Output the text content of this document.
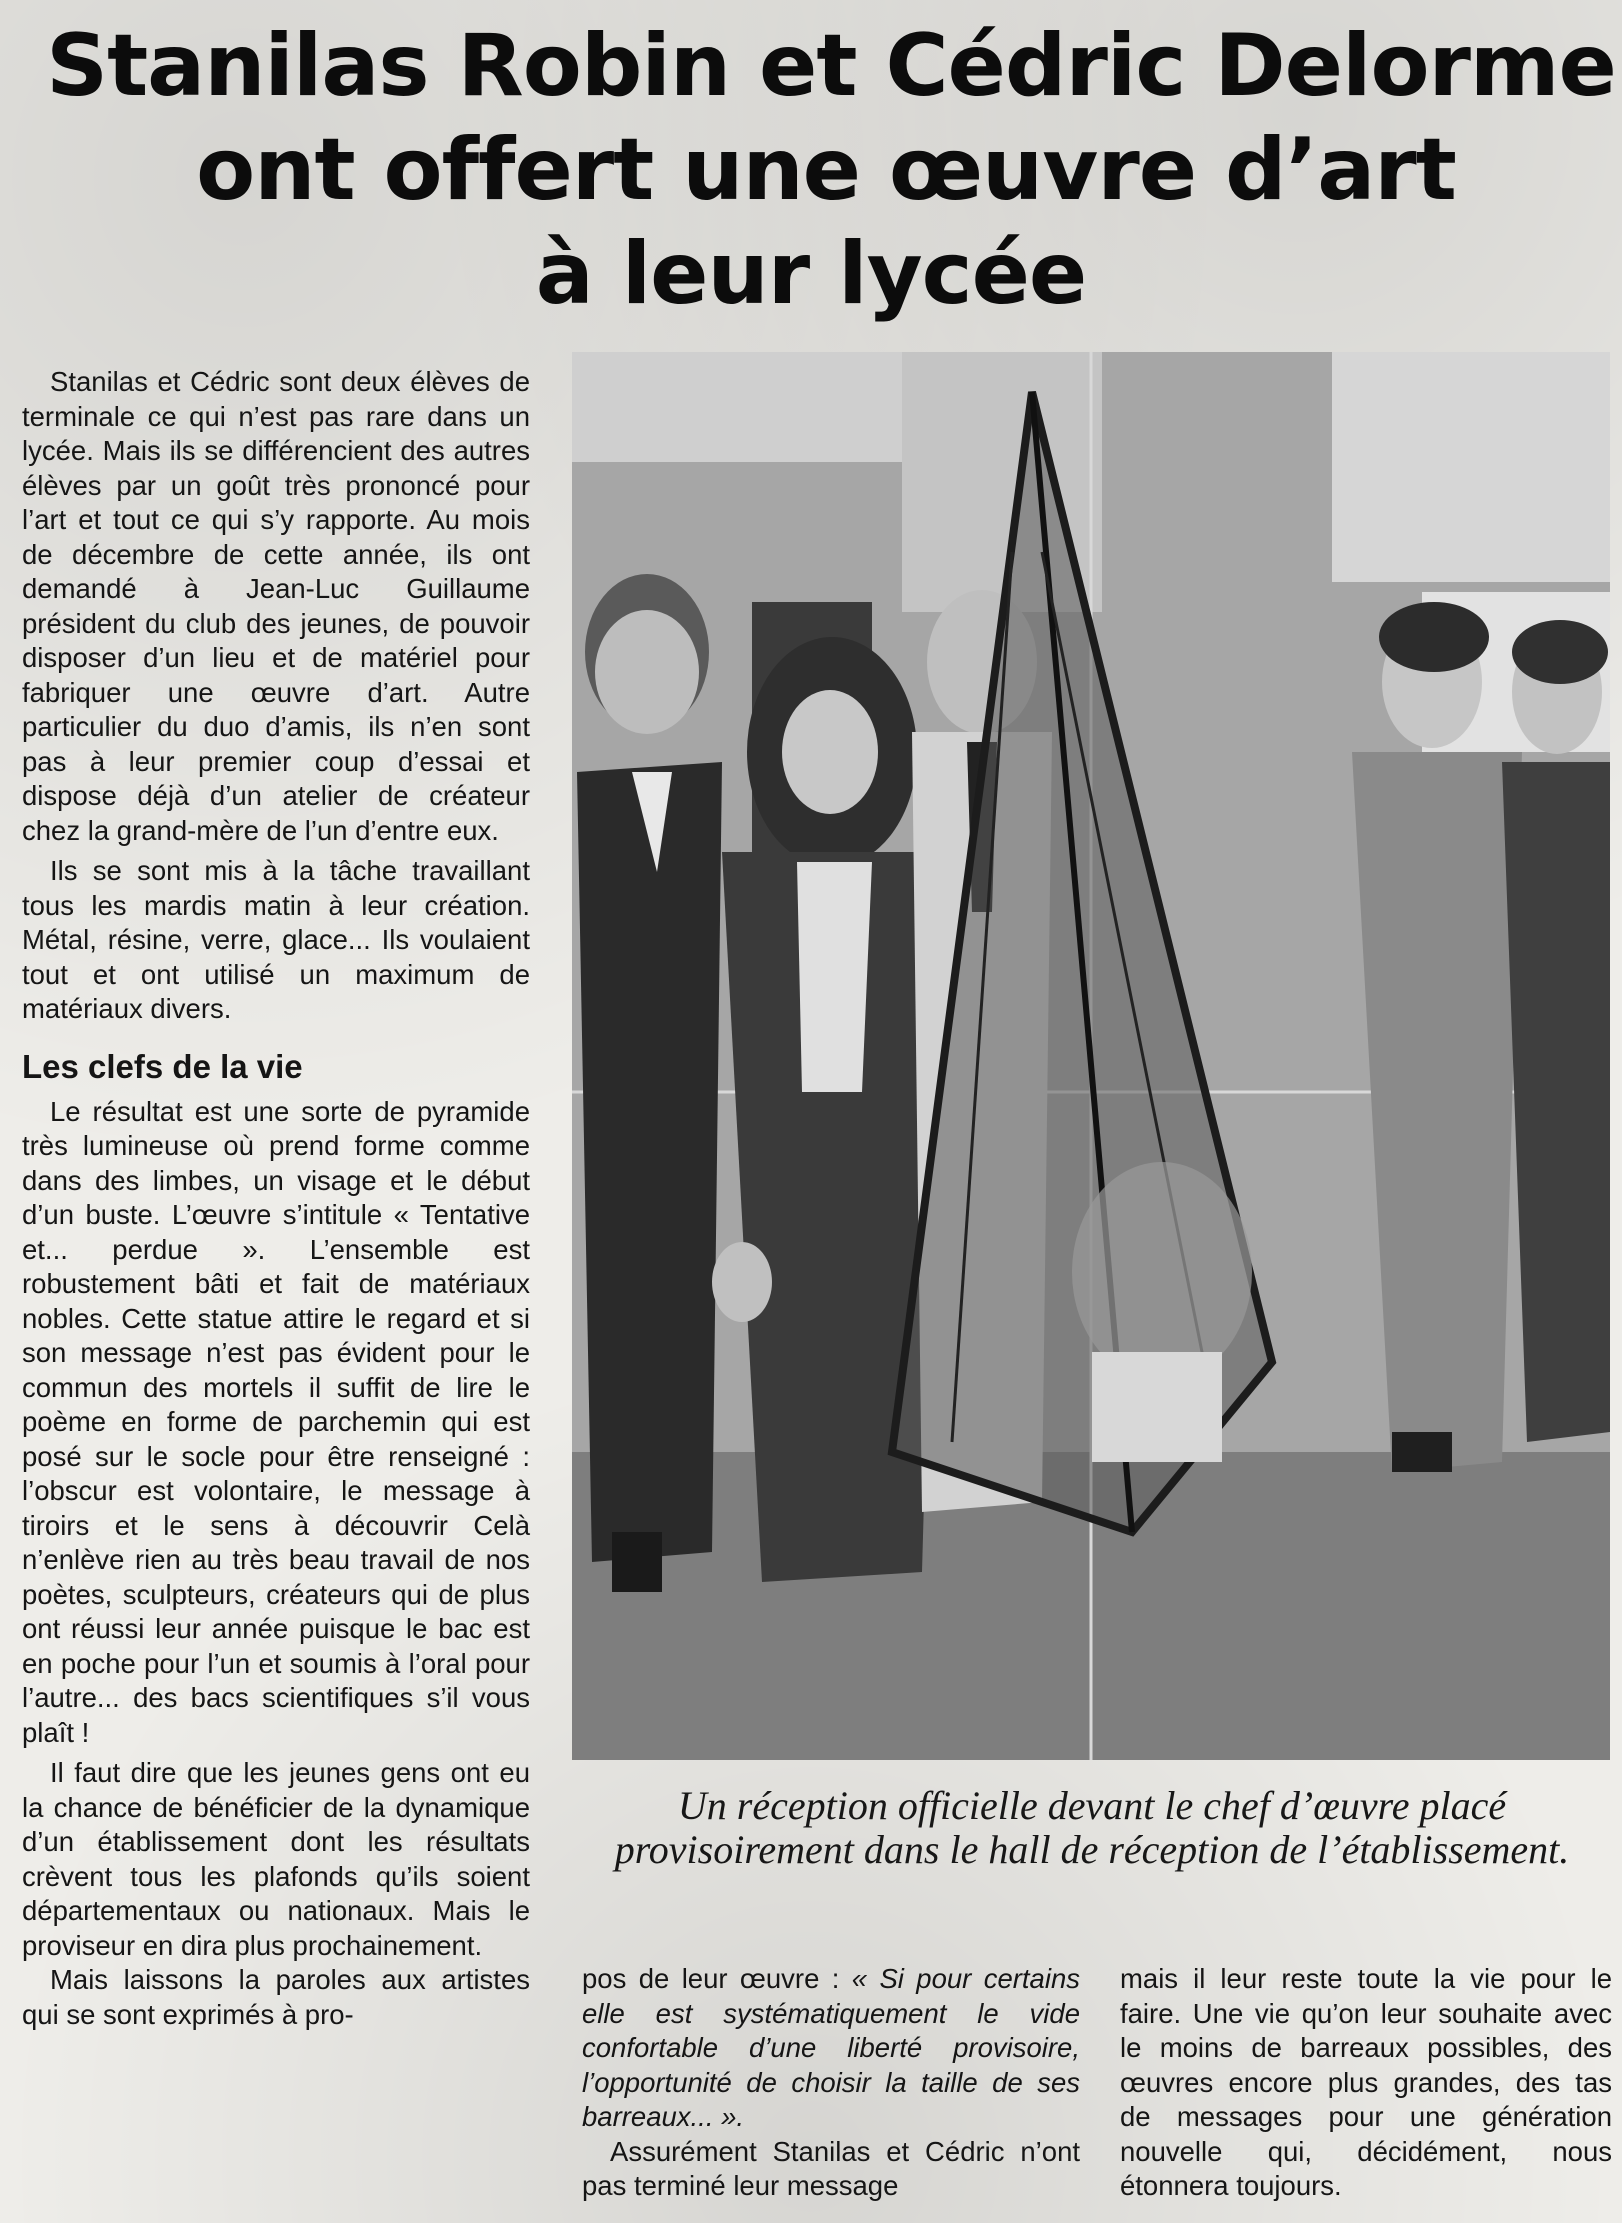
Stanilas Robin et Cédric Delorme
ont offert une œuvre d’art
à leur lycée

Stanilas et Cédric sont deux élèves de terminale ce qui n’est pas rare dans un lycée. Mais ils se différencient des autres élèves par un goût très prononcé pour l’art et tout ce qui s’y rapporte. Au mois de décembre de cette année, ils ont demandé à Jean-Luc Guillaume président du club des jeunes, de pouvoir disposer d’un lieu et de matériel pour fabriquer une œuvre d’art. Autre particulier du duo d’amis, ils n’en sont pas à leur premier coup d’essai et dispose déjà d’un atelier de créateur chez la grand-mère de l’un d’entre eux.

Ils se sont mis à la tâche travaillant tous les mardis matin à leur création. Métal, résine, verre, glace... Ils voulaient tout et ont utilisé un maximum de matériaux divers.

Les clefs de la vie

Le résultat est une sorte de pyramide très lumineuse où prend forme comme dans des limbes, un visage et le début d’un buste. L’œuvre s’intitule « Tentative et... perdue ». L’ensemble est robustement bâti et fait de matériaux nobles. Cette statue attire le regard et si son message n’est pas évident pour le commun des mortels il suffit de lire le poème en forme de parchemin qui est posé sur le socle pour être renseigné : l’obscur est volontaire, le message à tiroirs et le sens à découvrir Celà n’enlève rien au très beau travail de nos poètes, sculpteurs, créateurs qui de plus ont réussi leur année puisque le bac est en poche pour l’un et soumis à l’oral pour l’autre... des bacs scientifiques s’il vous plaît !

Il faut dire que les jeunes gens ont eu la chance de bénéficier de la dynamique d’un établissement dont les résultats crèvent tous les plafonds qu’ils soient départementaux ou nationaux. Mais le proviseur en dira plus prochainement.

Mais laissons la paroles aux artistes qui se sont exprimés à pro-

Un réception officielle devant le chef d’œuvre placé provisoirement dans le hall de réception de l’établissement.

pos de leur œuvre : « Si pour certains elle est systématiquement le vide confortable d’une liberté provisoire, l’opportunité de choisir la taille de ses barreaux... ».

Assurément Stanilas et Cédric n’ont pas terminé leur message

mais il leur reste toute la vie pour le faire. Une vie qu’on leur souhaite avec le moins de barreaux possibles, des œuvres encore plus grandes, des tas de messages pour une génération nouvelle qui, décidément, nous étonnera toujours.
